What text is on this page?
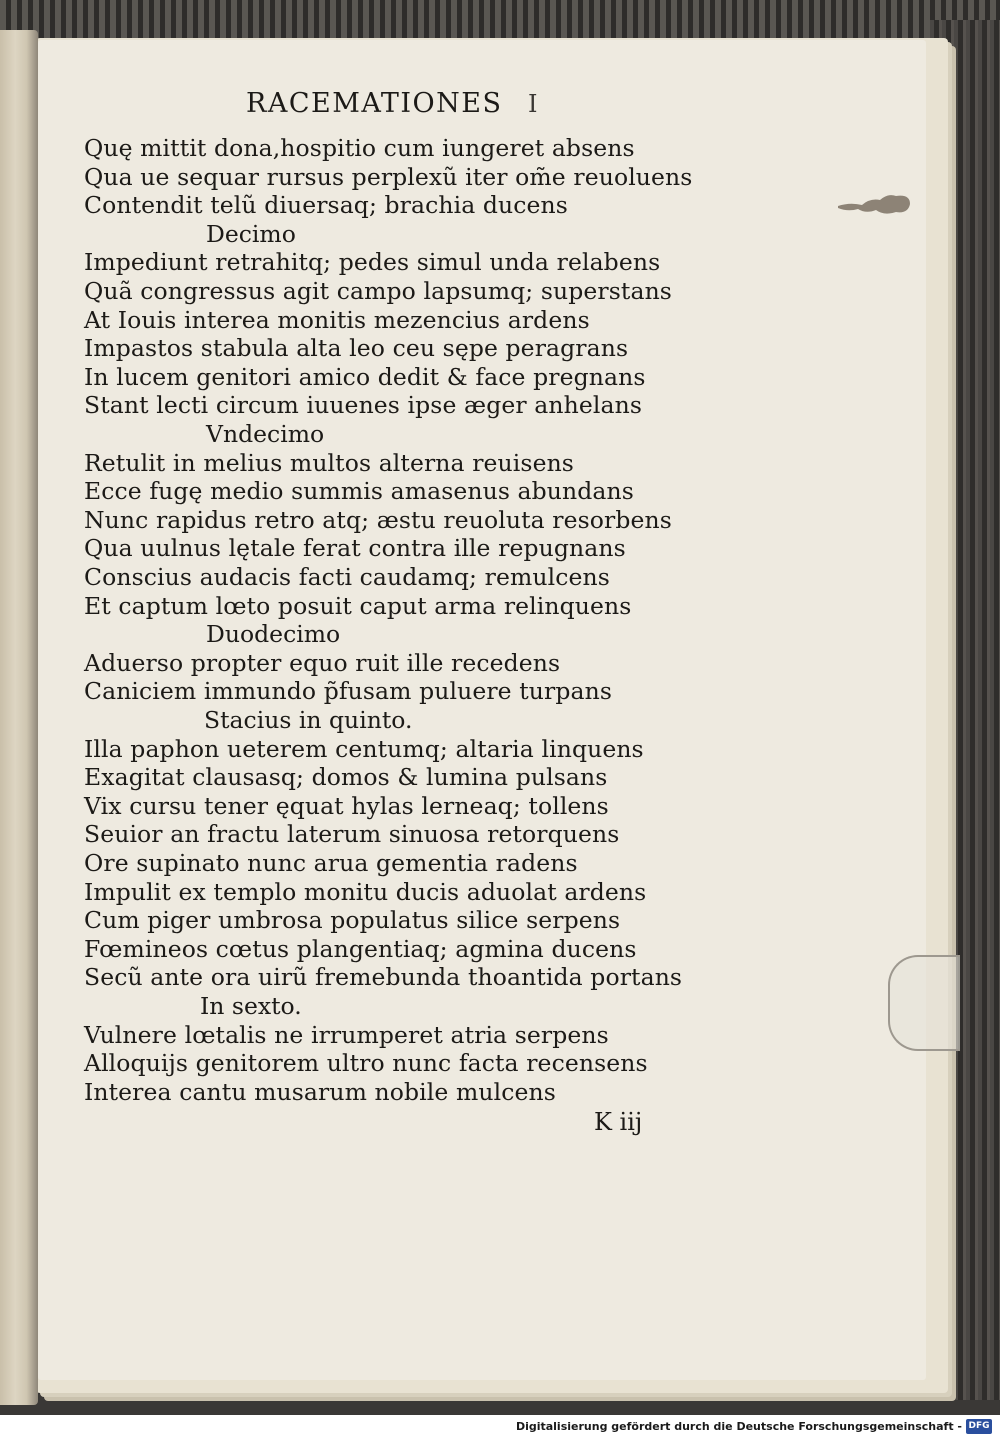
RACEMATIONES I
Quę mittit dona,hospitio cum iungeret absens
Qua ue sequar rursus perplexũ iter om̃e reuoluens
Contendit telũ diuersaq; brachia ducens
Decimo
Impediunt retrahitq; pedes simul unda relabens
Quã congressus agit campo lapsumq; superstans
At Iouis interea monitis mezencius ardens
Impastos stabula alta leo ceu sępe peragrans
In lucem genitori amico dedit & face pregnans
Stant lecti circum iuuenes ipse æger anhelans
Vndecimo
Retulit in melius multos alterna reuisens
Ecce fugę medio summis amasenus abundans
Nunc rapidus retro atq; æstu reuoluta resorbens
Qua uulnus lętale ferat contra ille repugnans
Conscius audacis facti caudamq; remulcens
Et captum lœto posuit caput arma relinquens
Duodecimo
Aduerso propter equo ruit ille recedens
Caniciem immundo p̃fusam puluere turpans
Stacius in quinto.
Illa paphon ueterem centumq; altaria linquens
Exagitat clausasq; domos & lumina pulsans
Vix cursu tener ęquat hylas lerneaq; tollens
Seuior an fractu laterum sinuosa retorquens
Ore supinato nunc arua gementia radens
Impulit ex templo monitu ducis aduolat ardens
Cum piger umbrosa populatus silice serpens
Fœmineos cœtus plangentiaq; agmina ducens
Secũ ante ora uirũ fremebunda thoantida portans
In sexto.
Vulnere lœtalis ne irrumperet atria serpens
Alloquijs genitorem ultro nunc facta recensens
Interea cantu musarum nobile mulcens
K iij
Digitalisierung gefördert durch die Deutsche Forschungsgemeinschaft - DFG
